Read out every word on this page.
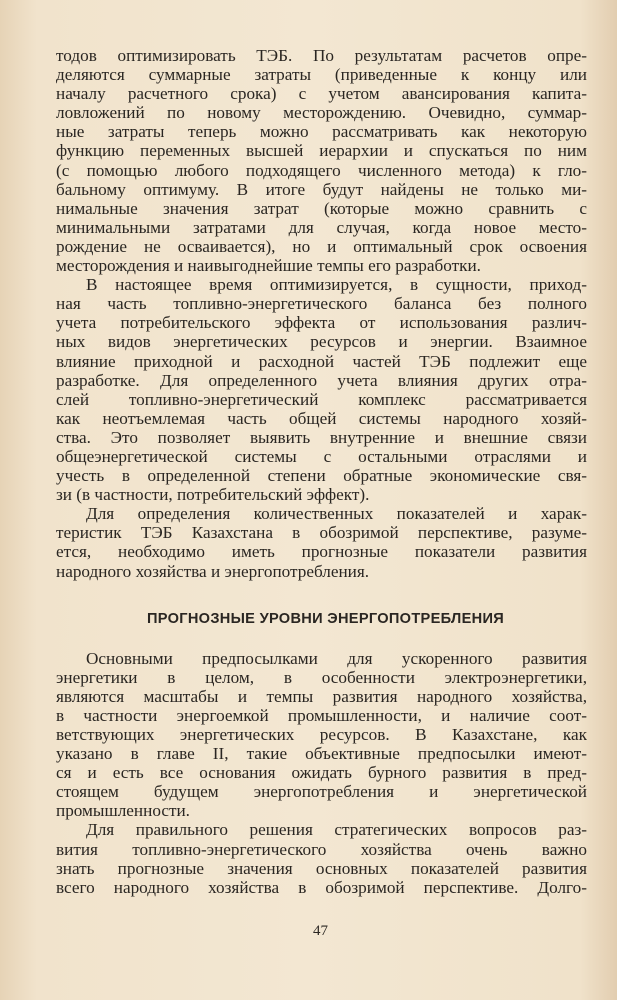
тодов оптимизировать ТЭБ. По результатам расчетов опре-
деляются суммарные затраты (приведенные к концу или
началу расчетного срока) с учетом авансирования капита-
ловложений по новому месторождению. Очевидно, суммар-
ные затраты теперь можно рассматривать как некоторую
функцию переменных высшей иерархии и спускаться по ним
(с помощью любого подходящего численного метода) к гло-
бальному оптимуму. В итоге будут найдены не только ми-
нимальные значения затрат (которые можно сравнить с
минимальными затратами для случая, когда новое место-
рождение не осваивается), но и оптимальный срок освоения
месторождения и наивыгоднейшие темпы его разработки.
В настоящее время оптимизируется, в сущности, приход-
ная часть топливно-энергетического баланса без полного
учета потребительского эффекта от использования различ-
ных видов энергетических ресурсов и энергии. Взаимное
влияние приходной и расходной частей ТЭБ подлежит еще
разработке. Для определенного учета влияния других отра-
слей топливно-энергетический комплекс рассматривается
как неотъемлемая часть общей системы народного хозяй-
ства. Это позволяет выявить внутренние и внешние связи
общеэнергетической системы с остальными отраслями и
учесть в определенной степени обратные экономические свя-
зи (в частности, потребительский эффект).
Для определения количественных показателей и харак-
теристик ТЭБ Казахстана в обозримой перспективе, разуме-
ется, необходимо иметь прогнозные показатели развития
народного хозяйства и энергопотребления.
ПРОГНОЗНЫЕ УРОВНИ ЭНЕРГОПОТРЕБЛЕНИЯ
Основными предпосылками для ускоренного развития
энергетики в целом, в особенности электроэнергетики,
являются масштабы и темпы развития народного хозяйства,
в частности энергоемкой промышленности, и наличие соот-
ветствующих энергетических ресурсов. В Казахстане, как
указано в главе II, такие объективные предпосылки имеют-
ся и есть все основания ожидать бурного развития в пред-
стоящем будущем энергопотребления и энергетической
промышленности.
Для правильного решения стратегических вопросов раз-
вития топливно-энергетического хозяйства очень важно
знать прогнозные значения основных показателей развития
всего народного хозяйства в обозримой перспективе. Долго-
47
